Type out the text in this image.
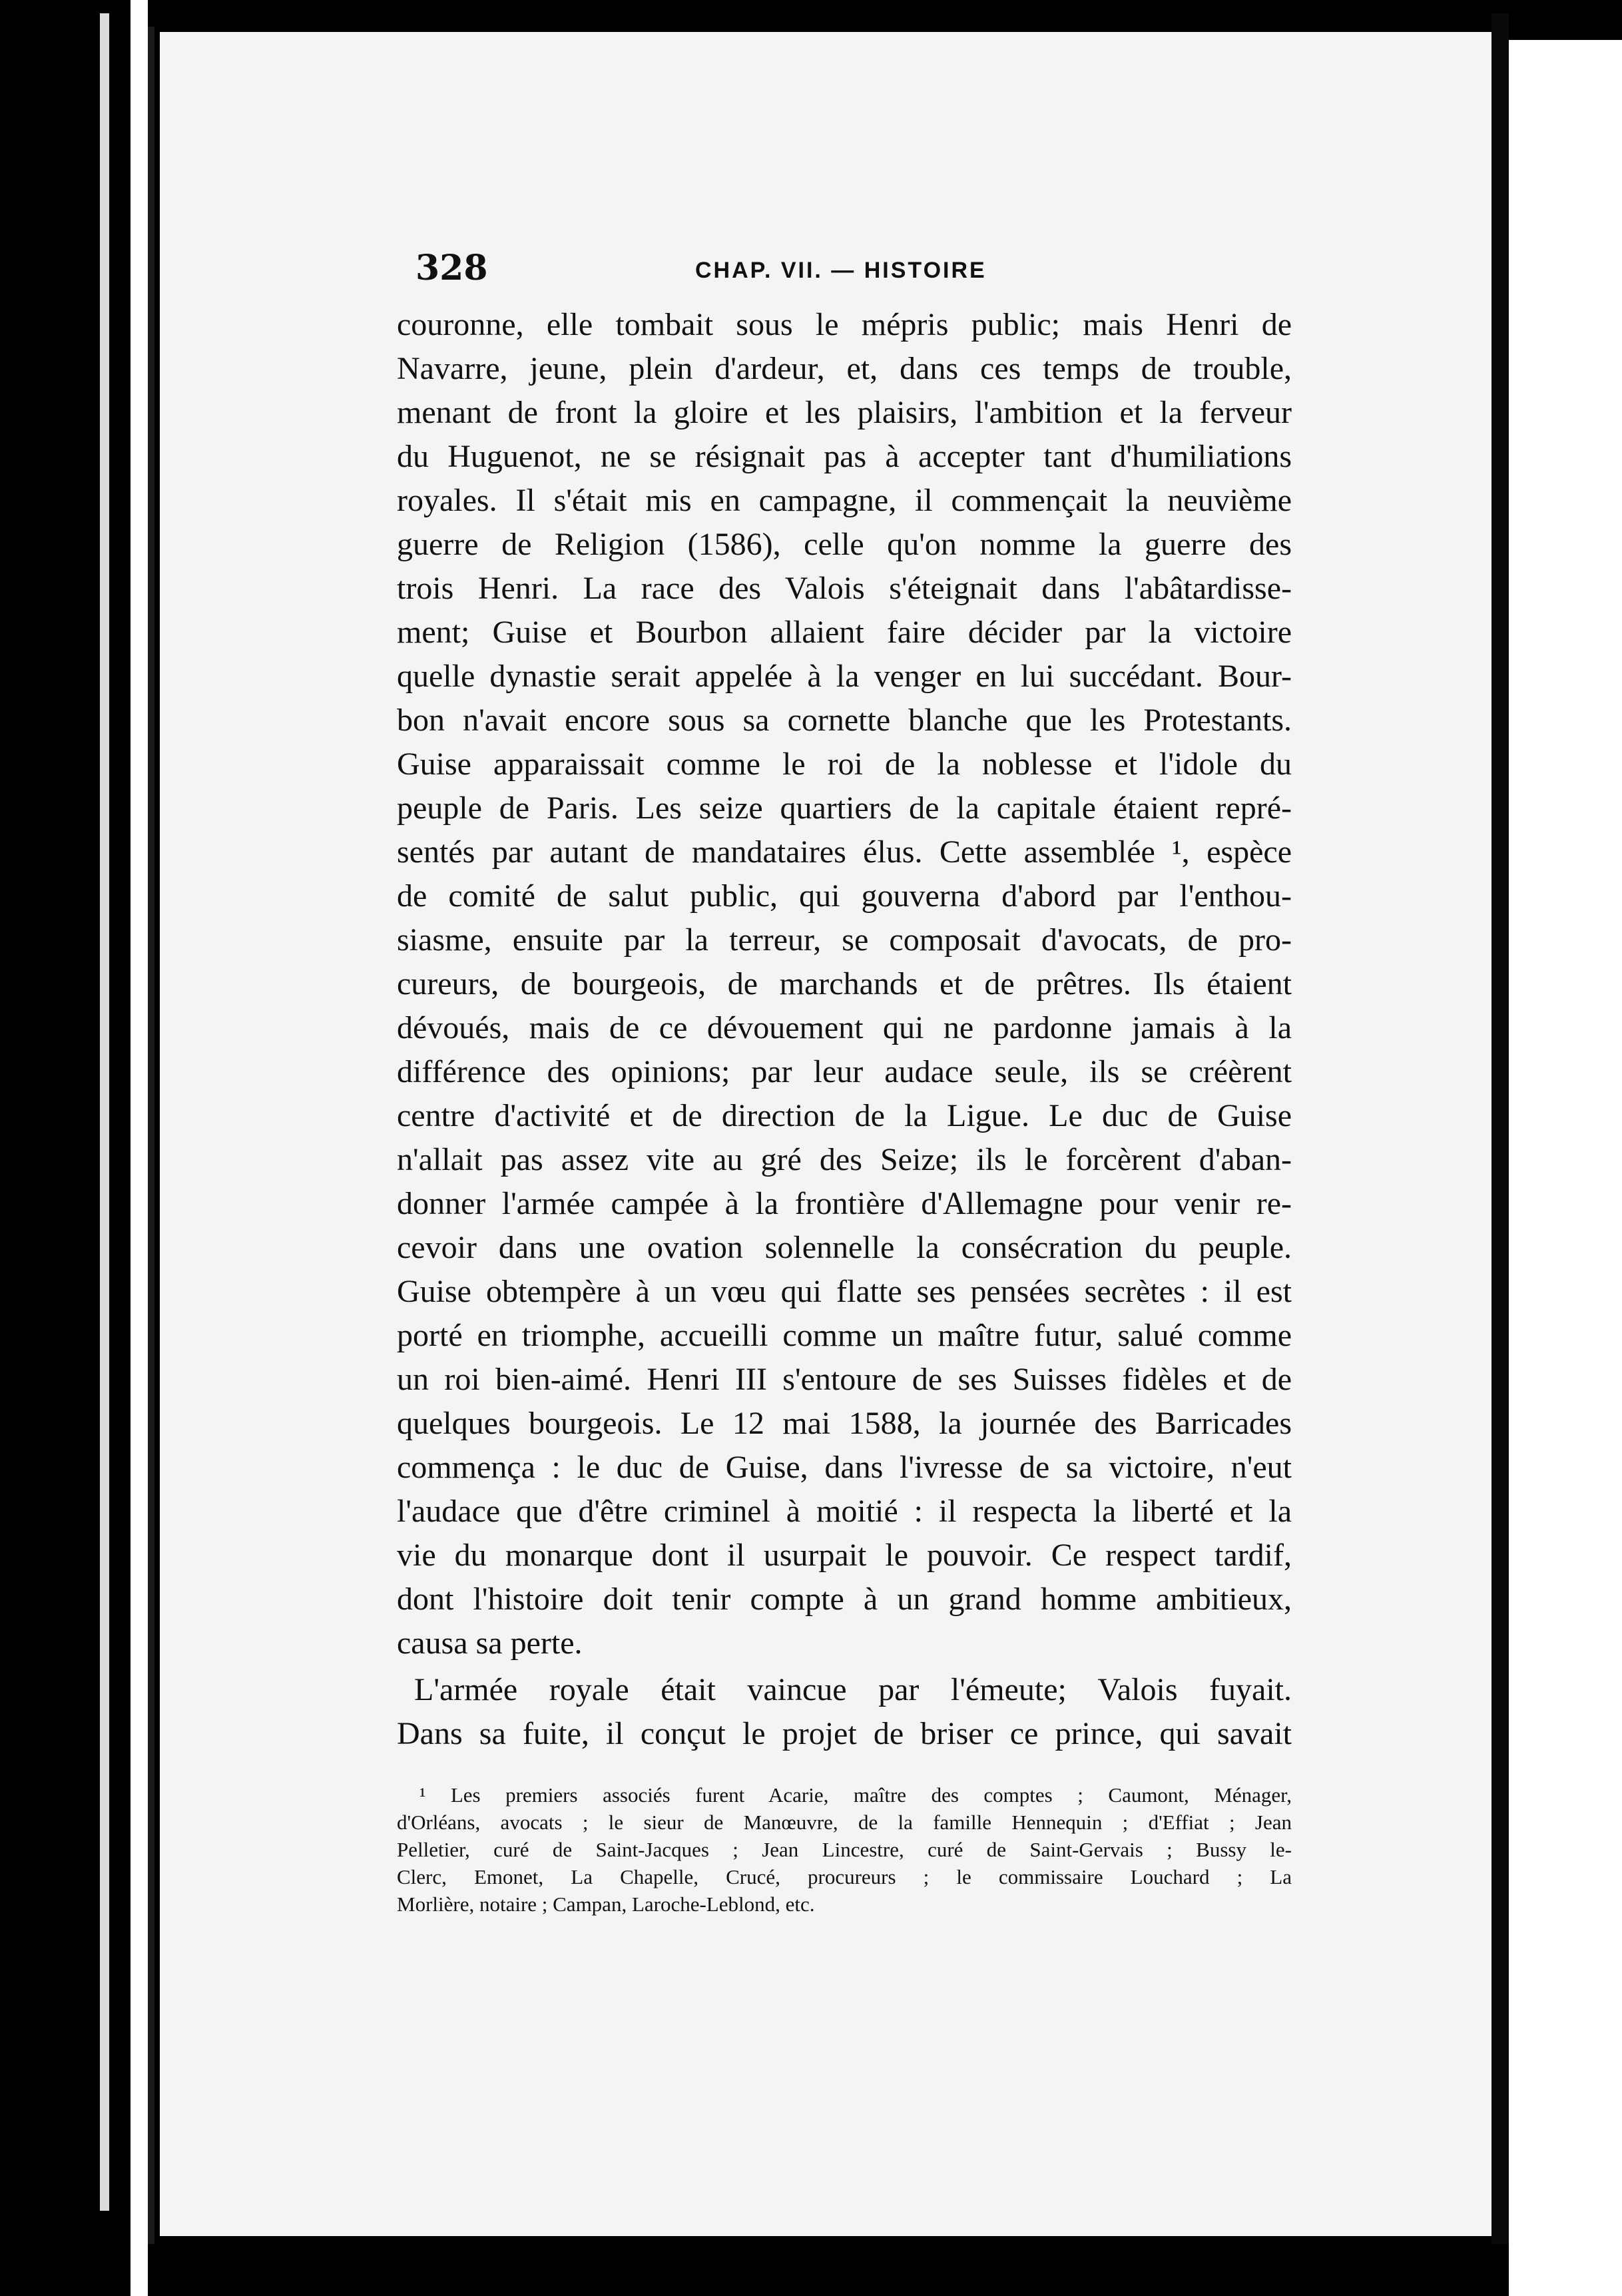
328	CHAP. VII. — HISTOIRE
couronne, elle tombait sous le mépris public; mais Henri de
Navarre, jeune, plein d'ardeur, et, dans ces temps de trouble,
menant de front la gloire et les plaisirs, l'ambition et la ferveur
du Huguenot, ne se résignait pas à accepter tant d'humiliations
royales. Il s'était mis en campagne, il commençait la neuvième
guerre de Religion (1586), celle qu'on nomme la guerre des
trois Henri. La race des Valois s'éteignait dans l'abâtardisse-
ment; Guise et Bourbon allaient faire décider par la victoire
quelle dynastie serait appelée à la venger en lui succédant. Bour-
bon n'avait encore sous sa cornette blanche que les Protestants.
Guise apparaissait comme le roi de la noblesse et l'idole du
peuple de Paris. Les seize quartiers de la capitale étaient repré-
sentés par autant de mandataires élus. Cette assemblée ¹, espèce
de comité de salut public, qui gouverna d'abord par l'enthou-
siasme, ensuite par la terreur, se composait d'avocats, de pro-
cureurs, de bourgeois, de marchands et de prêtres. Ils étaient
dévoués, mais de ce dévouement qui ne pardonne jamais à la
différence des opinions; par leur audace seule, ils se créèrent
centre d'activité et de direction de la Ligue. Le duc de Guise
n'allait pas assez vite au gré des Seize; ils le forcèrent d'aban-
donner l'armée campée à la frontière d'Allemagne pour venir re-
cevoir dans une ovation solennelle la consécration du peuple.
Guise obtempère à un vœu qui flatte ses pensées secrètes : il est
porté en triomphe, accueilli comme un maître futur, salué comme
un roi bien-aimé. Henri III s'entoure de ses Suisses fidèles et de
quelques bourgeois. Le 12 mai 1588, la journée des Barricades
commença : le duc de Guise, dans l'ivresse de sa victoire, n'eut
l'audace que d'être criminel à moitié : il respecta la liberté et la
vie du monarque dont il usurpait le pouvoir. Ce respect tardif,
dont l'histoire doit tenir compte à un grand homme ambitieux,
causa sa perte.
L'armée royale était vaincue par l'émeute; Valois fuyait.
Dans sa fuite, il conçut le projet de briser ce prince, qui savait
¹ Les premiers associés furent Acarie, maître des comptes ; Caumont, Ménager,
d'Orléans, avocats ; le sieur de Manœuvre, de la famille Hennequin ; d'Effiat ; Jean
Pelletier, curé de Saint-Jacques ; Jean Lincestre, curé de Saint-Gervais ; Bussy le-
Clerc, Emonet, La Chapelle, Crucé, procureurs ; le commissaire Louchard ; La
Morlière, notaire ; Campan, Laroche-Leblond, etc.
